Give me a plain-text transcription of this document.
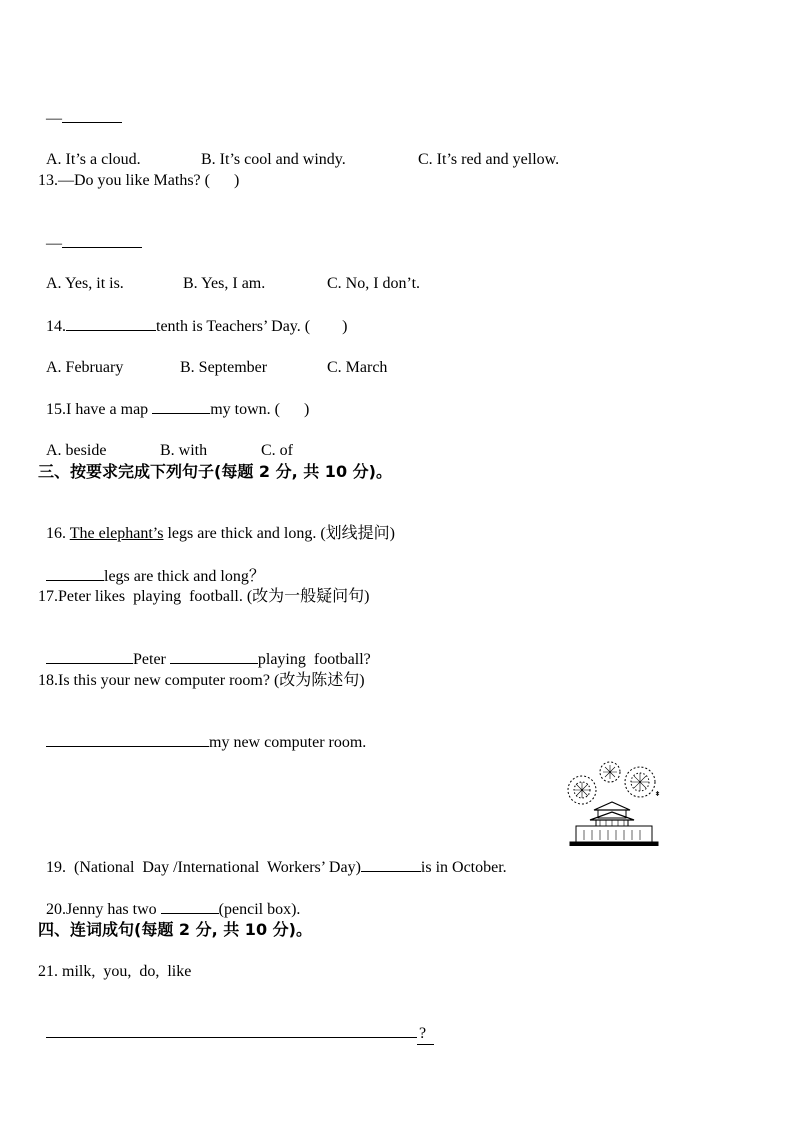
—

A. It’s a cloud.	B. It’s cool and windy.	C. It’s red and yellow.

13.—Do you like Maths? (      )

—

A. Yes, it is.	B. Yes, I am.	C. No, I don’t.

14.	tenth is Teachers’ Day. (        )

A. February	B. September	C. March

15.I have a map	my town. (      )

A. beside	B. with	C. of

三、按要求完成下列句子(每题 2 分, 共 10 分)。

16. The elephant’s legs are thick and long. (划线提问)

legs are thick and long？

17.Peter likes  playing  football. (改为一般疑问句)

Peter	playing  football?

18.Is this your new computer room? (改为陈述句)

my new computer room.

19.  (National  Day /International  Workers’ Day)	is in October.

20.Jenny has two	(pencil box).

四、连词成句(每题 2 分, 共 10 分)。
21. milk,  you,  do,  like

?
